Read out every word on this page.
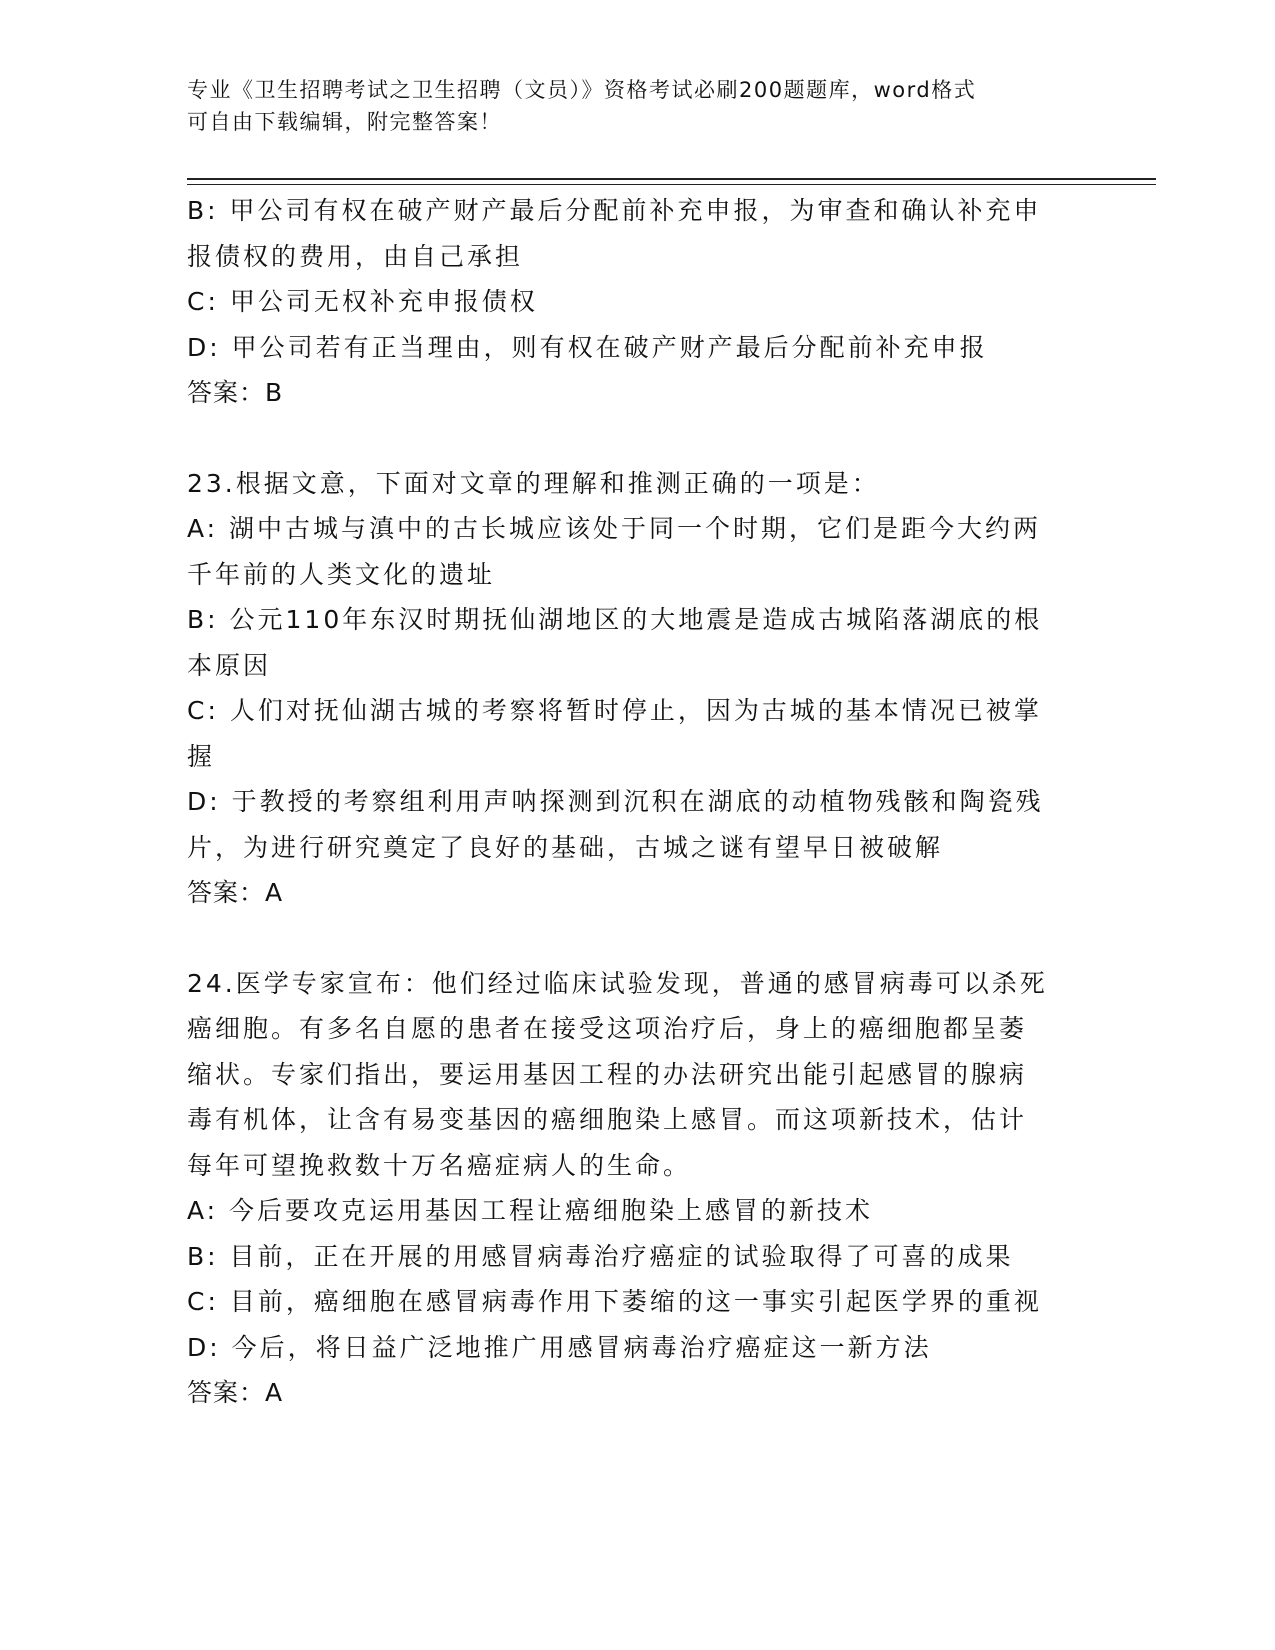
专业《卫生招聘考试之卫生招聘（文员）》资格考试必刷200题题库，word格式
可自由下载编辑，附完整答案！
B: 甲公司有权在破产财产最后分配前补充申报，为审查和确认补充申
报债权的费用，由自己承担
C: 甲公司无权补充申报债权
D: 甲公司若有正当理由，则有权在破产财产最后分配前补充申报
答案：B
23.根据文意，下面对文章的理解和推测正确的一项是：
A: 湖中古城与滇中的古长城应该处于同一个时期，它们是距今大约两
千年前的人类文化的遗址
B: 公元110年东汉时期抚仙湖地区的大地震是造成古城陷落湖底的根
本原因
C: 人们对抚仙湖古城的考察将暂时停止，因为古城的基本情况已被掌
握
D: 于教授的考察组利用声呐探测到沉积在湖底的动植物残骸和陶瓷残
片，为进行研究奠定了良好的基础，古城之谜有望早日被破解
答案：A
24.医学专家宣布：他们经过临床试验发现，普通的感冒病毒可以杀死
癌细胞。有多名自愿的患者在接受这项治疗后，身上的癌细胞都呈萎
缩状。专家们指出，要运用基因工程的办法研究出能引起感冒的腺病
毒有机体，让含有易变基因的癌细胞染上感冒。而这项新技术，估计
每年可望挽救数十万名癌症病人的生命。
A: 今后要攻克运用基因工程让癌细胞染上感冒的新技术
B: 目前，正在开展的用感冒病毒治疗癌症的试验取得了可喜的成果
C: 目前，癌细胞在感冒病毒作用下萎缩的这一事实引起医学界的重视
D: 今后，将日益广泛地推广用感冒病毒治疗癌症这一新方法
答案：A
